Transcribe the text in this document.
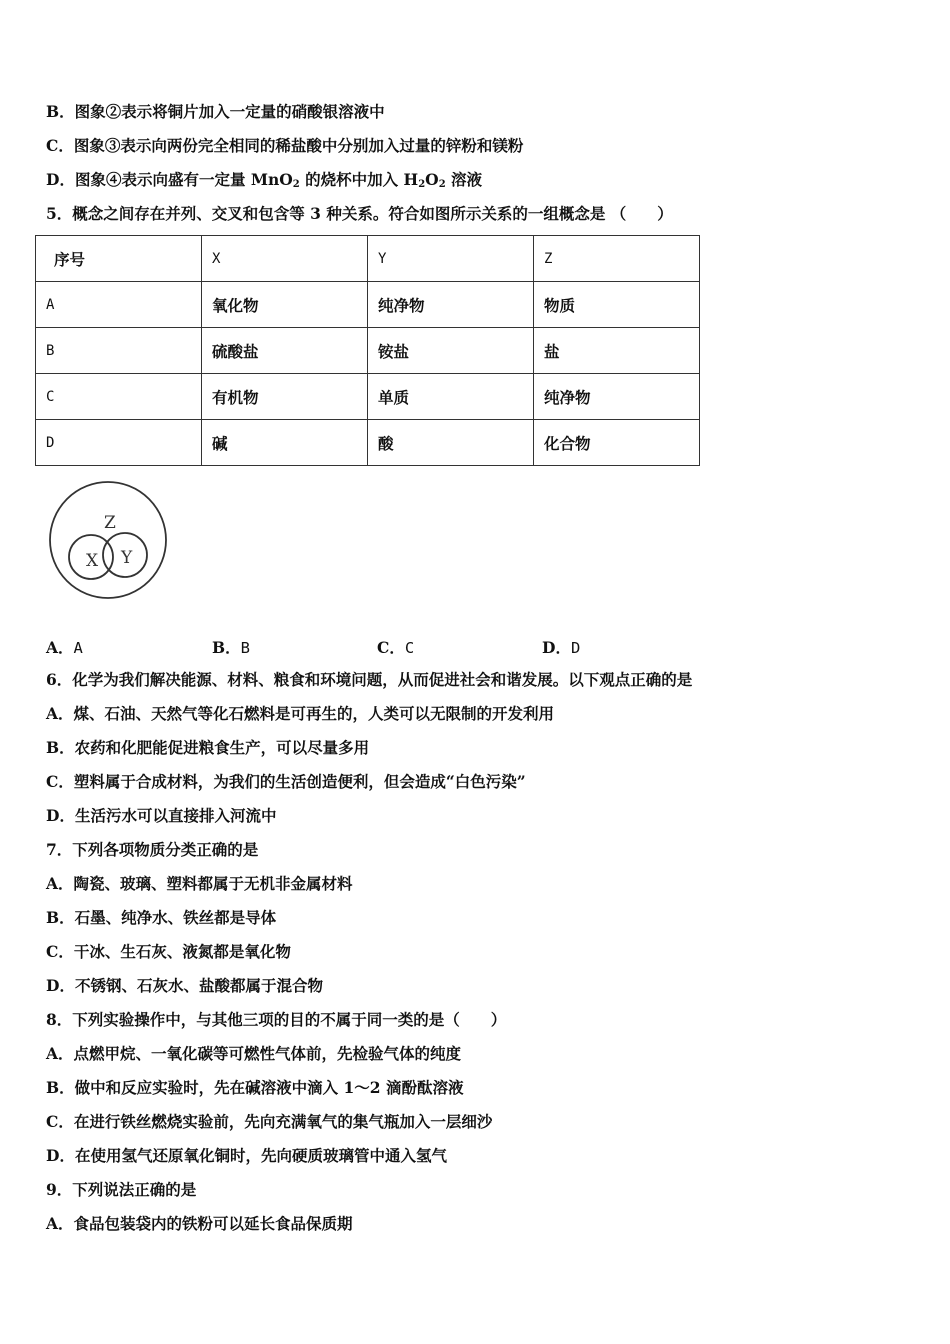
B．图象②表示将铜片加入一定量的硝酸银溶液中
C．图象③表示向两份完全相同的稀盐酸中分别加入过量的锌粉和镁粉
D．图象④表示向盛有一定量 MnO$_2$ 的烧杯中加入 $H_2O_2$ 溶液
5．概念之间存在并列、交叉和包含等 3 种关系。符合如图所示关系的一组概念是 （　　）
序号	X	Y	Z
A	氧化物	纯净物	物质
B	硫酸盐	铵盐	盐
C	有机物	单质	纯净物
D	碱	酸	化合物
Z
X Y
A．A	B．B	C．C	D．D
6．化学为我们解决能源、材料、粮食和环境问题，从而促进社会和谐发展。以下观点正确的是
A．煤、石油、天然气等化石燃料是可再生的，人类可以无限制的开发利用
B．农药和化肥能促进粮食生产，可以尽量多用
C．塑料属于合成材料，为我们的生活创造便利，但会造成“白色污染”
D．生活污水可以直接排入河流中
7．下列各项物质分类正确的是
A．陶瓷、玻璃、塑料都属于无机非金属材料
B．石墨、纯净水、铁丝都是导体
C．干冰、生石灰、液氮都是氧化物
D．不锈钢、石灰水、盐酸都属于混合物
8．下列实验操作中，与其他三项的目的不属于同一类的是（　　）
A．点燃甲烷、一氧化碳等可燃性气体前，先检验气体的纯度
B．做中和反应实验时，先在碱溶液中滴入 1～2 滴酚酞溶液
C．在进行铁丝燃烧实验前，先向充满氧气的集气瓶加入一层细沙
D．在使用氢气还原氧化铜时，先向硬质玻璃管中通入氢气
9．下列说法正确的是
A．食品包装袋内的铁粉可以延长食品保质期
